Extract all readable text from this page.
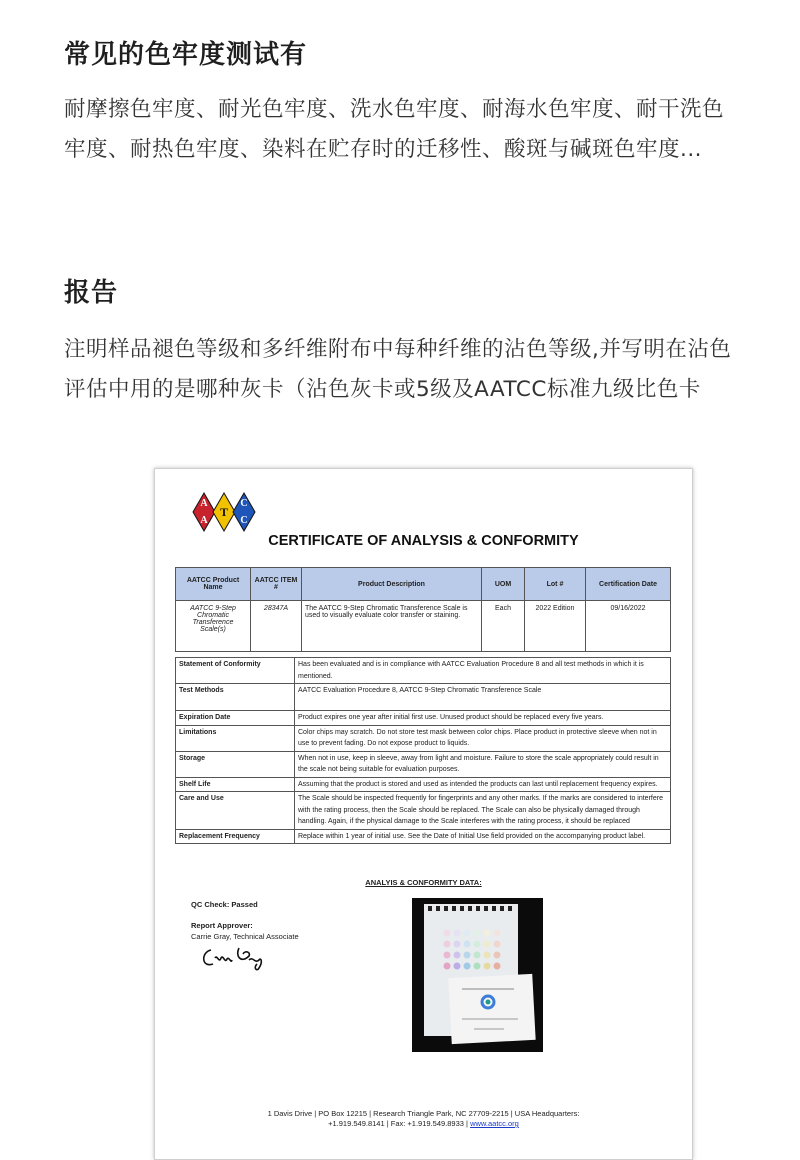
常见的色牢度测试有
耐摩擦色牢度、耐光色牢度、洗水色牢度、耐海水色牢度、耐干洗色牢度、耐热色牢度、染料在贮存时的迁移性、酸斑与碱斑色牢度...
报告
注明样品褪色等级和多纤维附布中每种纤维的沾色等级,并写明在沾色评估中用的是哪种灰卡（沾色灰卡或5级及AATCC标准九级比色卡
A
A
T
C
C
CERTIFICATE OF ANALYSIS & CONFORMITY
AATCC Product Name	AATCC ITEM #	Product Description	UOM	Lot #	Certification Date
AATCC 9-Step Chromatic Transference Scale(s)	28347A	The AATCC 9-Step Chromatic Transference Scale is used to visually evaluate color transfer or staining.	Each	2022 Edition	09/16/2022
Statement of Conformity	Has been evaluated and is in compliance with AATCC Evaluation Procedure 8 and all test methods in which it is mentioned.
Test Methods	AATCC Evaluation Procedure 8, AATCC 9-Step Chromatic Transference Scale
Expiration Date	Product expires one year after initial first use. Unused product should be replaced every five years.
Limitations	Color chips may scratch. Do not store test mask between color chips. Place product in protective sleeve when not in use to prevent fading. Do not expose product to liquids.
Storage	When not in use, keep in sleeve, away from light and moisture. Failure to store the scale appropriately could result in the scale not being suitable for evaluation purposes.
Shelf Life	Assuming that the product is stored and used as intended the products can last until replacement frequency expires.
Care and Use	The Scale should be inspected frequently for fingerprints and any other marks. If the marks are considered to interfere with the rating process, then the Scale should be replaced. The Scale can also be physically damaged through handling. Again, if the physical damage to the Scale interferes with the rating process, it should be replaced
Replacement Frequency	Replace within 1 year of initial use. See the Date of Initial Use field provided on the accompanying product label.
ANALYIS & CONFORMITY DATA:
QC Check: Passed
Report Approver:
Carrie Gray, Technical Associate
1 Davis Drive | PO Box 12215 | Research Triangle Park, NC 27709-2215 | USA Headquarters:
+1.919.549.8141 | Fax: +1.919.549.8933 | www.aatcc.org
